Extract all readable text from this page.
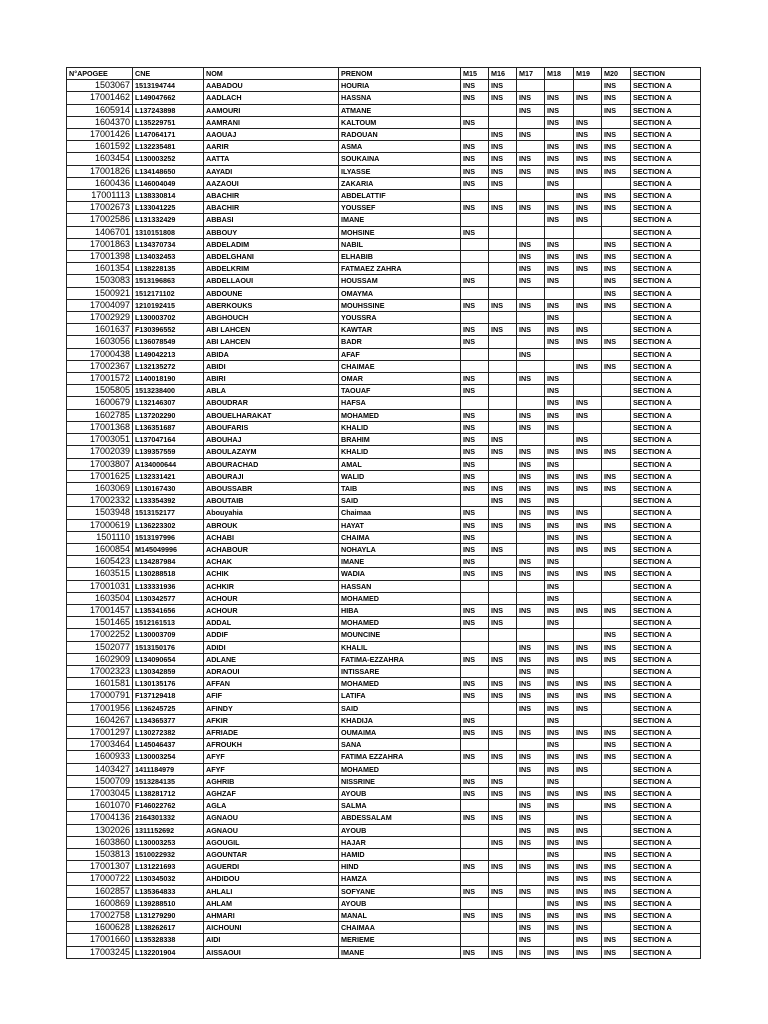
N°APOGEE	CNE	NOM	PRENOM	M15	M16	M17	M18	M19	M20	SECTION
1503067	1513194744	AABADOU	HOURIA	INS	INS				INS	SECTION A
17001462	L149047662	AADLACH	HASSNA	INS	INS	INS	INS	INS	INS	SECTION A
1605914	L137243898	AAMOURI	ATMANE			INS	INS		INS	SECTION A
1604370	L135229751	AAMRANI	KALTOUM	INS			INS	INS		SECTION A
17001426	L147064171	AAOUAJ	RADOUAN		INS	INS		INS	INS	SECTION A
1601592	L132235481	AARIR	ASMA	INS	INS		INS	INS	INS	SECTION A
1603454	L130003252	AATTA	SOUKAINA	INS	INS	INS	INS	INS	INS	SECTION A
17001826	L134148650	AAYADI	ILYASSE	INS	INS	INS	INS	INS	INS	SECTION A
1600436	L146004049	AAZAOUI	ZAKARIA	INS	INS		INS			SECTION A
17001113	L138330814	ABACHIR	ABDELATTIF					INS	INS	SECTION A
17002673	L133041225	ABACHIR	YOUSSEF	INS	INS	INS	INS	INS	INS	SECTION A
17002586	L131332429	ABBASI	IMANE				INS	INS		SECTION A
1406701	1310151808	ABBOUY	MOHSINE	INS						SECTION A
17001863	L134370734	ABDELADIM	NABIL			INS	INS		INS	SECTION A
17001398	L134032453	ABDELGHANI	ELHABIB			INS	INS	INS	INS	SECTION A
1601354	L138228135	ABDELKRIM	FATMAEZ ZAHRA			INS	INS	INS	INS	SECTION A
1503083	1513196863	ABDELLAOUI	HOUSSAM	INS		INS	INS		INS	SECTION A
1500921	1512171102	ABDOUNE	OMAYMA						INS	SECTION A
17004097	1210192415	ABERKOUKS	MOUHSSINE	INS	INS	INS	INS	INS	INS	SECTION A
17002929	L130003702	ABGHOUCH	YOUSSRA				INS			SECTION A
1601637	F130396552	ABI LAHCEN	KAWTAR	INS	INS	INS	INS	INS		SECTION A
1603056	L136078549	ABI LAHCEN	BADR	INS			INS	INS	INS	SECTION A
17000438	L149042213	ABIDA	AFAF			INS				SECTION A
17002367	L132135272	ABIDI	CHAIMAE					INS	INS	SECTION A
17001572	L140018190	ABIRI	OMAR	INS		INS	INS			SECTION A
1505805	1513238400	ABLA	TAOUAF	INS			INS			SECTION A
1600679	L132146307	ABOUDRAR	HAFSA				INS	INS		SECTION A
1602785	L137202290	ABOUELHARAKAT	MOHAMED	INS		INS	INS	INS		SECTION A
17001368	L136351687	ABOUFARIS	KHALID	INS		INS	INS			SECTION A
17003051	L137047164	ABOUHAJ	BRAHIM	INS	INS			INS		SECTION A
17002039	L139357559	ABOULAZAYM	KHALID	INS	INS	INS	INS	INS	INS	SECTION A
17003807	A134000644	ABOURACHAD	AMAL	INS		INS	INS			SECTION A
17001625	L132331421	ABOURAJI	WALID	INS		INS	INS	INS	INS	SECTION A
1603069	L130167430	ABOUSSABR	TAIB	INS	INS	INS	INS	INS	INS	SECTION A
17002332	L133354392	ABOUTAIB	SAID		INS	INS	INS			SECTION A
1503948	1513152177	Abouyahia	Chaimaa	INS		INS	INS	INS		SECTION A
17000619	L136223302	ABROUK	HAYAT	INS	INS	INS	INS	INS	INS	SECTION A
1501110	1513197996	ACHABI	CHAIMA	INS			INS	INS		SECTION A
1600854	M145049996	ACHABOUR	NOHAYLA	INS	INS		INS	INS	INS	SECTION A
1605423	L134287984	ACHAK	IMANE	INS		INS	INS			SECTION A
1603515	L130288518	ACHIK	WADIA	INS	INS	INS	INS	INS	INS	SECTION A
17001031	L133331936	ACHKIR	HASSAN				INS			SECTION A
1603504	L130342577	ACHOUR	MOHAMED				INS			SECTION A
17001457	L135341656	ACHOUR	HIBA	INS	INS	INS	INS	INS	INS	SECTION A
1501465	1512161513	ADDAL	MOHAMED	INS	INS		INS			SECTION A
17002252	L130003709	ADDIF	MOUNCINE						INS	SECTION A
1502077	1513150176	ADIDI	KHALIL			INS	INS	INS	INS	SECTION A
1602909	L134090654	ADLANE	FATIMA-EZZAHRA	INS	INS	INS	INS	INS	INS	SECTION A
17002323	L130342859	ADRAOUI	INTISSARE			INS	INS			SECTION A
1601581	L130135176	AFFAN	MOHAMED	INS	INS	INS	INS	INS	INS	SECTION A
17000791	F137129418	AFIF	LATIFA	INS	INS	INS	INS	INS	INS	SECTION A
17001956	L136245725	AFINDY	SAID			INS	INS	INS		SECTION A
1604267	L134365377	AFKIR	KHADIJA	INS			INS			SECTION A
17001297	L130272382	AFRIADE	OUMAIMA	INS	INS	INS	INS	INS	INS	SECTION A
17003464	L145046437	AFROUKH	SANA				INS		INS	SECTION A
1600933	L130003254	AFYF	FATIMA EZZAHRA	INS	INS	INS	INS	INS	INS	SECTION A
1403427	1411184979	AFYF	MOHAMED			INS	INS	INS		SECTION A
1500709	1513284135	AGHRIB	NISSRINE	INS	INS		INS			SECTION A
17003045	L138281712	AGHZAF	AYOUB	INS	INS	INS	INS	INS	INS	SECTION A
1601070	F146022762	AGLA	SALMA			INS	INS		INS	SECTION A
17004136	2164301332	AGNAOU	ABDESSALAM	INS	INS	INS		INS		SECTION A
1302026	1311152692	AGNAOU	AYOUB			INS	INS	INS		SECTION A
1603860	L130003253	AGOUGIL	HAJAR		INS	INS	INS	INS		SECTION A
1503813	1510022932	AGOUNTAR	HAMID				INS		INS	SECTION A
17001307	L131221693	AGUERDI	HIND	INS	INS	INS	INS	INS	INS	SECTION A
17000722	L130345032	AHDIDOU	HAMZA				INS	INS	INS	SECTION A
1602857	L135364833	AHLALI	SOFYANE	INS	INS	INS	INS	INS	INS	SECTION A
1600869	L139288510	AHLAM	AYOUB				INS	INS	INS	SECTION A
17002758	L131279290	AHMARI	MANAL	INS	INS	INS	INS	INS	INS	SECTION A
1600628	L138262617	AICHOUNI	CHAIMAA			INS	INS	INS		SECTION A
17001660	L135328338	AIDI	MERIEME			INS		INS	INS	SECTION A
17003245	L132201904	AISSAOUI	IMANE	INS	INS	INS	INS	INS	INS	SECTION A
